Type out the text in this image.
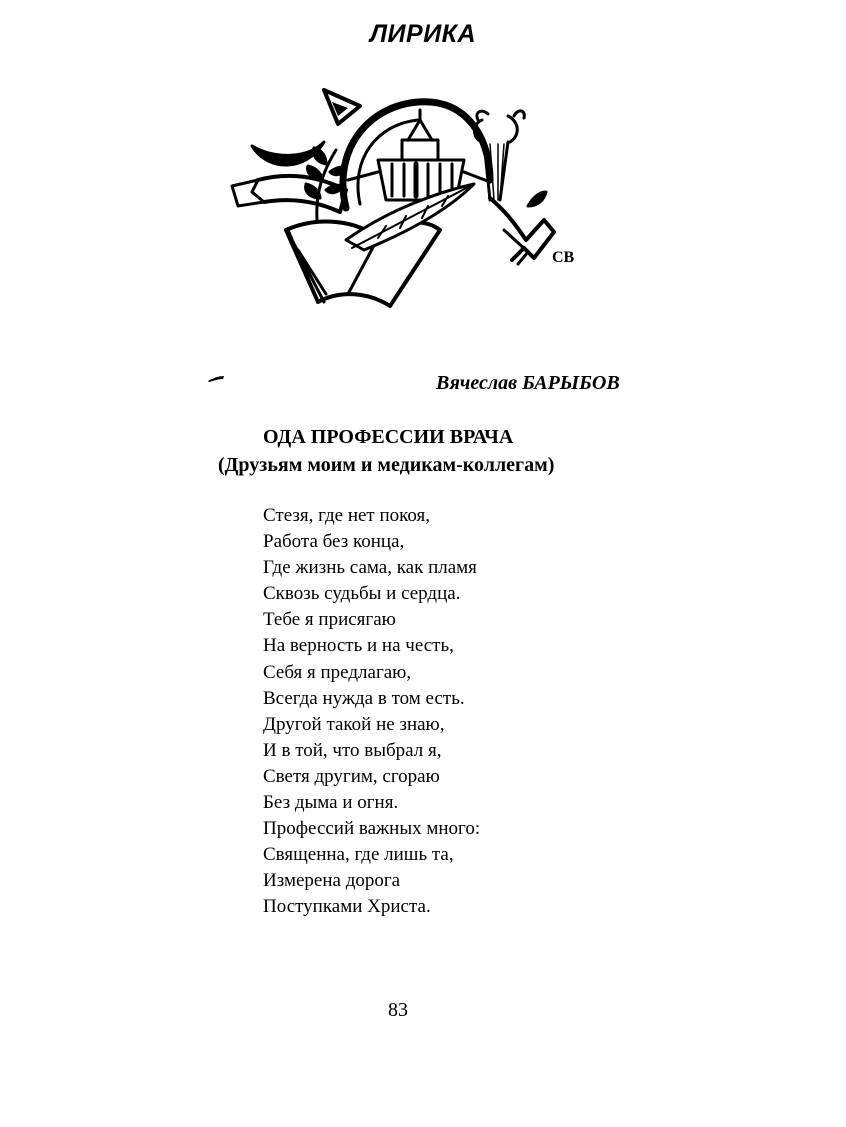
ЛИРИКА
CB
Вячеслав БАРЫБОВ
ОДА ПРОФЕССИИ ВРАЧА
(Друзьям моим и медикам-коллегам)
Стезя, где нет покоя,
Работа без конца,
Где жизнь сама, как пламя
Сквозь судьбы и сердца.
Тебе я присягаю
На верность и на честь,
Себя я предлагаю,
Всегда нужда в том есть.
Другой такой не знаю,
И в той, что выбрал я,
Светя другим, сгораю
Без дыма и огня.
Профессий важных много:
Священна, где лишь та,
Измерена дорога
Поступками Христа.
83
